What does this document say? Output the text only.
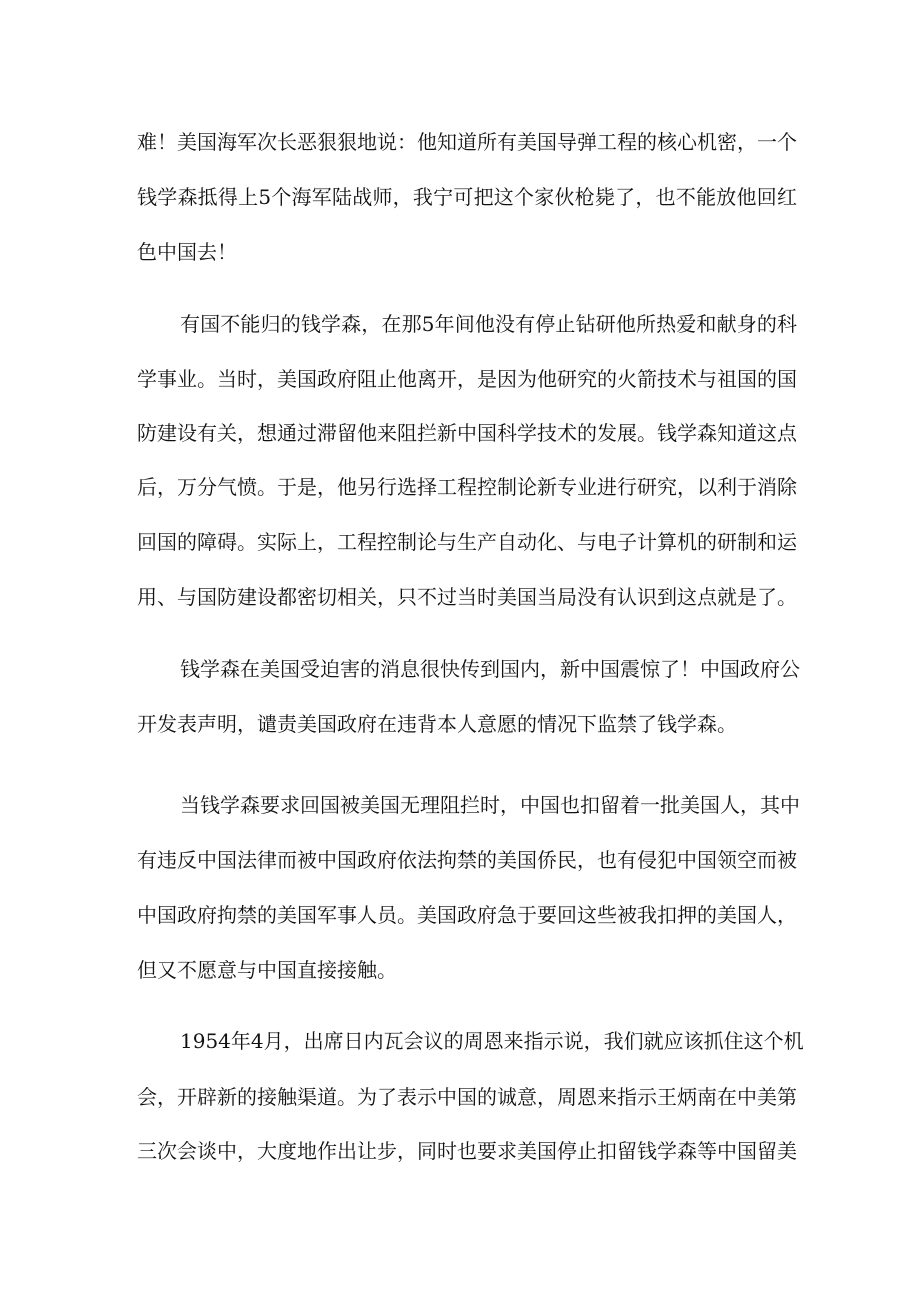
难！美国海军次长恶狠狠地说：他知道所有美国导弹工程的核心机密，一个

钱学森抵得上5个海军陆战师，我宁可把这个家伙枪毙了，也不能放他回红

色中国去！

有国不能归的钱学森，在那5年间他没有停止钻研他所热爱和献身的科

学事业。当时，美国政府阻止他离开，是因为他研究的火箭技术与祖国的国

防建设有关，想通过滞留他来阻拦新中国科学技术的发展。钱学森知道这点

后，万分气愤。于是，他另行选择工程控制论新专业进行研究，以利于消除

回国的障碍。实际上，工程控制论与生产自动化、与电子计算机的研制和运

用、与国防建设都密切相关，只不过当时美国当局没有认识到这点就是了。

钱学森在美国受迫害的消息很快传到国内，新中国震惊了！中国政府公

开发表声明，谴责美国政府在违背本人意愿的情况下监禁了钱学森。

当钱学森要求回国被美国无理阻拦时，中国也扣留着一批美国人，其中

有违反中国法律而被中国政府依法拘禁的美国侨民，也有侵犯中国领空而被

中国政府拘禁的美国军事人员。美国政府急于要回这些被我扣押的美国人，

但又不愿意与中国直接接触。

1954年4月，出席日内瓦会议的周恩来指示说，我们就应该抓住这个机

会，开辟新的接触渠道。为了表示中国的诚意，周恩来指示王炳南在中美第

三次会谈中，大度地作出让步，同时也要求美国停止扣留钱学森等中国留美
